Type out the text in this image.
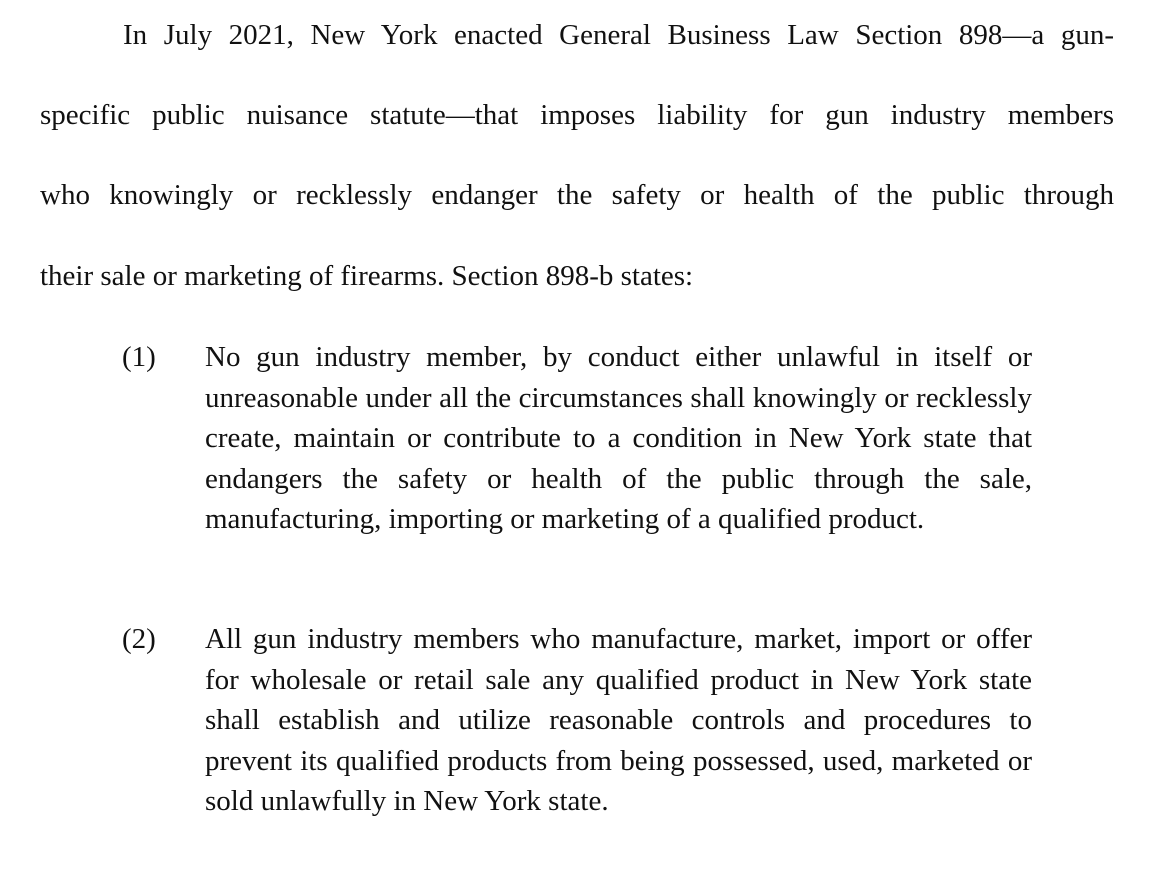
In July 2021, New York enacted General Business Law Section 898—a gun-
specific public nuisance statute—that imposes liability for gun industry members
who knowingly or recklessly endanger the safety or health of the public through
their sale or marketing of firearms. Section 898-b states:
(1) No gun industry member, by conduct either unlawful in itself or unreasonable under all the circumstances shall knowingly or recklessly create, maintain or contribute to a condition in New York state that endangers the safety or health of the public through the sale, manufacturing, importing or marketing of a qualified product.

(2) All gun industry members who manufacture, market, import or offer for wholesale or retail sale any qualified product in New York state shall establish and utilize reasonable controls and procedures to prevent its qualified products from being possessed, used, marketed or sold unlawfully in New York state.
